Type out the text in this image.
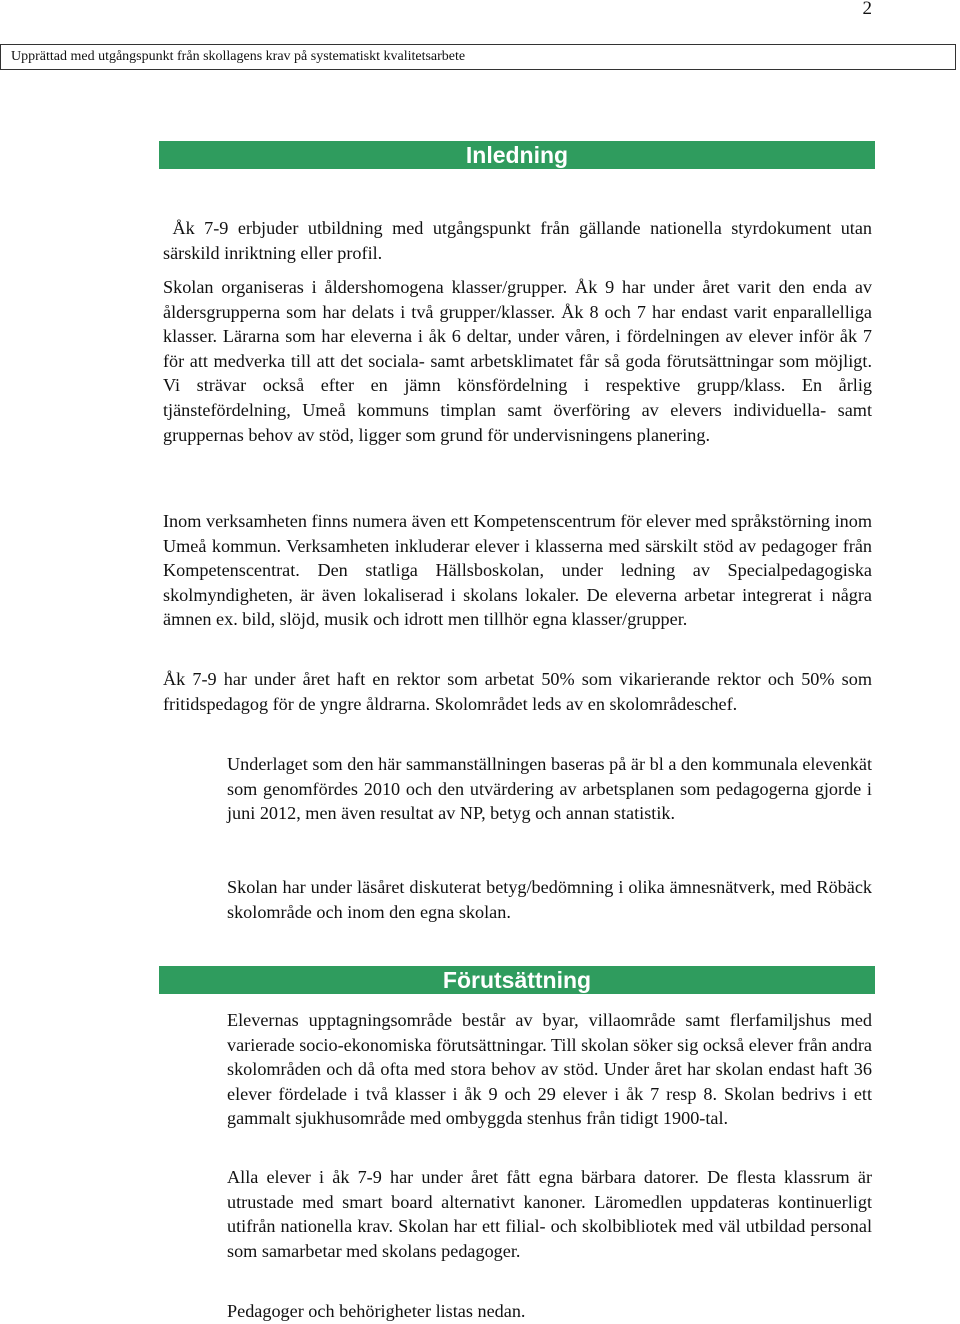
2
Upprättad med utgångspunkt från skollagens krav på systematiskt kvalitetsarbete
Inledning

Åk 7-9 erbjuder utbildning med utgångspunkt från gällande nationella styrdokument utan särskild inriktning eller profil.

Skolan organiseras i åldershomogena klasser/grupper. Åk 9 har under året varit den enda av åldersgrupperna som har delats i två grupper/klasser. Åk 8 och 7 har endast varit enparallelliga klasser. Lärarna som har eleverna i åk 6 deltar, under våren, i fördelningen av elever inför åk 7 för att medverka till att det sociala- samt arbetsklimatet får så goda förutsättningar som möjligt. Vi strävar också efter en jämn könsfördelning i respektive grupp/klass. En årlig tjänstefördelning, Umeå kommuns timplan samt överföring av elevers individuella- samt gruppernas behov av stöd, ligger som grund för undervisningens planering.

Inom verksamheten finns numera även ett Kompetenscentrum för elever med språkstörning inom Umeå kommun. Verksamheten inkluderar elever i klasserna med särskilt stöd av pedagoger från Kompetenscentrat. Den statliga Hällsboskolan, under ledning av Specialpedagogiska skolmyndigheten, är även lokaliserad i skolans lokaler. De eleverna arbetar integrerat i några ämnen ex. bild, slöjd, musik och idrott men tillhör egna klasser/grupper.

Åk 7-9 har under året haft en rektor som arbetat 50% som vikarierande rektor och 50% som fritidspedagog för de yngre åldrarna. Skolområdet leds av en skolområdeschef.

Underlaget som den här sammanställningen baseras på är bl a den kommunala elevenkät som genomfördes 2010 och den utvärdering av arbetsplanen som pedagogerna gjorde i juni 2012, men även resultat av NP, betyg och annan statistik.

Skolan har under läsåret diskuterat betyg/bedömning i olika ämnesnätverk, med Röbäck skolområde och inom den egna skolan.

Förutsättning

Elevernas upptagningsområde består av byar, villaområde samt flerfamiljshus med varierade socio-ekonomiska förutsättningar. Till skolan söker sig också elever från andra skolområden och då ofta med stora behov av stöd. Under året har skolan endast haft 36 elever fördelade i två klasser i åk 9 och 29 elever i åk 7 resp 8. Skolan bedrivs i ett gammalt sjukhusområde med ombyggda stenhus från tidigt 1900-tal.

Alla elever i åk 7-9 har under året fått egna bärbara datorer. De flesta klassrum är utrustade med smart board alternativt kanoner. Läromedlen uppdateras kontinuerligt utifrån nationella krav. Skolan har ett filial- och skolbibliotek med väl utbildad personal som samarbetar med skolans pedagoger.

Pedagoger och behörigheter listas nedan.
